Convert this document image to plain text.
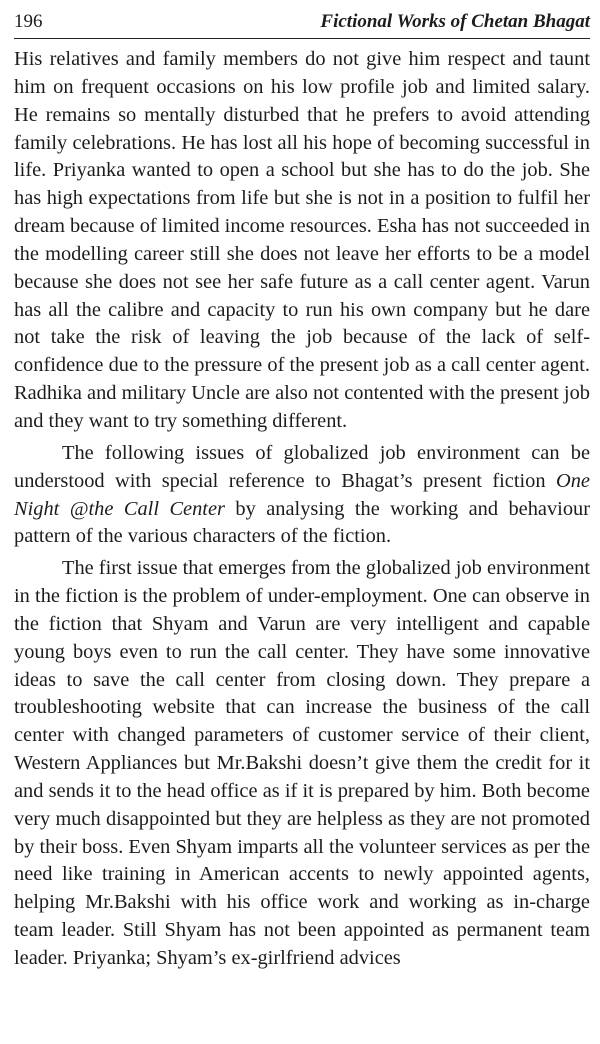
196	Fictional Works of Chetan Bhagat

His relatives and family members do not give him respect and taunt him on frequent occasions on his low profile job and limited salary. He remains so mentally disturbed that he prefers to avoid attending family celebrations. He has lost all his hope of becoming successful in life. Priyanka wanted to open a school but she has to do the job. She has high expectations from life but she is not in a position to fulfil her dream because of limited income resources. Esha has not succeeded in the modelling career still she does not leave her efforts to be a model because she does not see her safe future as a call center agent. Varun has all the calibre and capacity to run his own company but he dare not take the risk of leaving the job because of the lack of self-confidence due to the pressure of the present job as a call center agent. Radhika and military Uncle are also not contented with the present job and they want to try something different.

The following issues of globalized job environment can be understood with special reference to Bhagat’s present fiction One Night @the Call Center by analysing the working and behaviour pattern of the various characters of the fiction.

The first issue that emerges from the globalized job environment in the fiction is the problem of under-employment. One can observe in the fiction that Shyam and Varun are very intelligent and capable young boys even to run the call center. They have some innovative ideas to save the call center from closing down. They prepare a troubleshooting website that can increase the business of the call center with changed parameters of customer service of their client, Western Appliances but Mr.Bakshi doesn’t give them the credit for it and sends it to the head office as if it is prepared by him. Both become very much disappointed but they are helpless as they are not promoted by their boss. Even Shyam imparts all the volunteer services as per the need like training in American accents to newly appointed agents, helping Mr.Bakshi with his office work and working as in-charge team leader. Still Shyam has not been appointed as permanent team leader. Priyanka; Shyam’s ex-girlfriend advices
